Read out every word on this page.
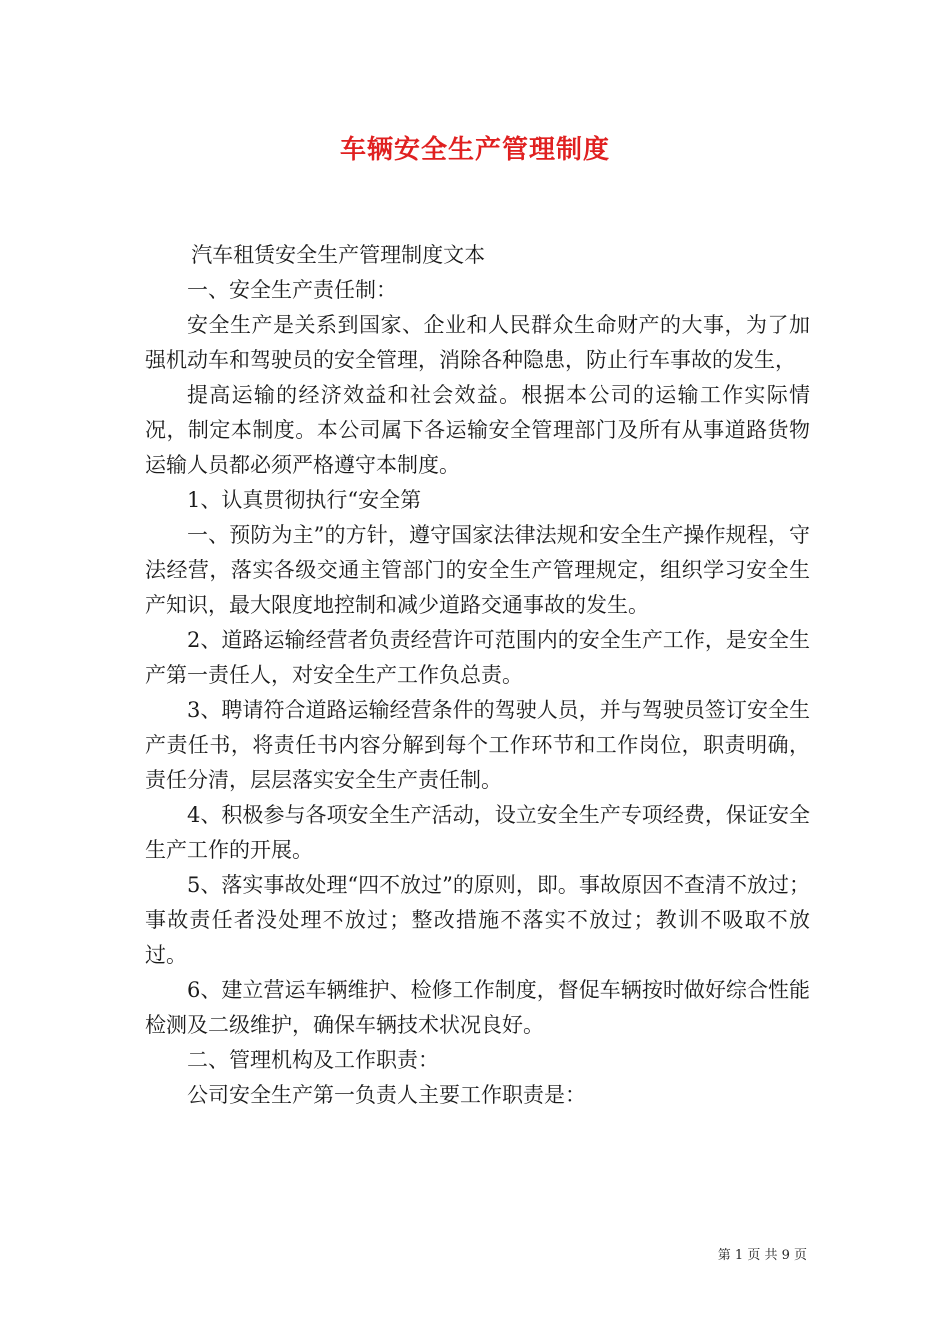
车辆安全生产管理制度

汽车租赁安全生产管理制度文本

一、安全生产责任制：

安全生产是关系到国家、企业和人民群众生命财产的大事，为了加强机动车和驾驶员的安全管理，消除各种隐患，防止行车事故的发生，

提高运输的经济效益和社会效益。根据本公司的运输工作实际情况，制定本制度。本公司属下各运输安全管理部门及所有从事道路货物运输人员都必须严格遵守本制度。

1、认真贯彻执行“安全第

一、预防为主”的方针，遵守国家法律法规和安全生产操作规程，守法经营，落实各级交通主管部门的安全生产管理规定，组织学习安全生产知识，最大限度地控制和减少道路交通事故的发生。

2、道路运输经营者负责经营许可范围内的安全生产工作，是安全生产第一责任人，对安全生产工作负总责。

3、聘请符合道路运输经营条件的驾驶人员，并与驾驶员签订安全生产责任书，将责任书内容分解到每个工作环节和工作岗位，职责明确，责任分清，层层落实安全生产责任制。

4、积极参与各项安全生产活动，设立安全生产专项经费，保证安全生产工作的开展。

5、落实事故处理“四不放过”的原则，即。事故原因不查清不放过；事故责任者没处理不放过；整改措施不落实不放过；教训不吸取不放过。

6、建立营运车辆维护、检修工作制度，督促车辆按时做好综合性能检测及二级维护，确保车辆技术状况良好。

二、管理机构及工作职责：

公司安全生产第一负责人主要工作职责是：

第 1 页 共 9 页
